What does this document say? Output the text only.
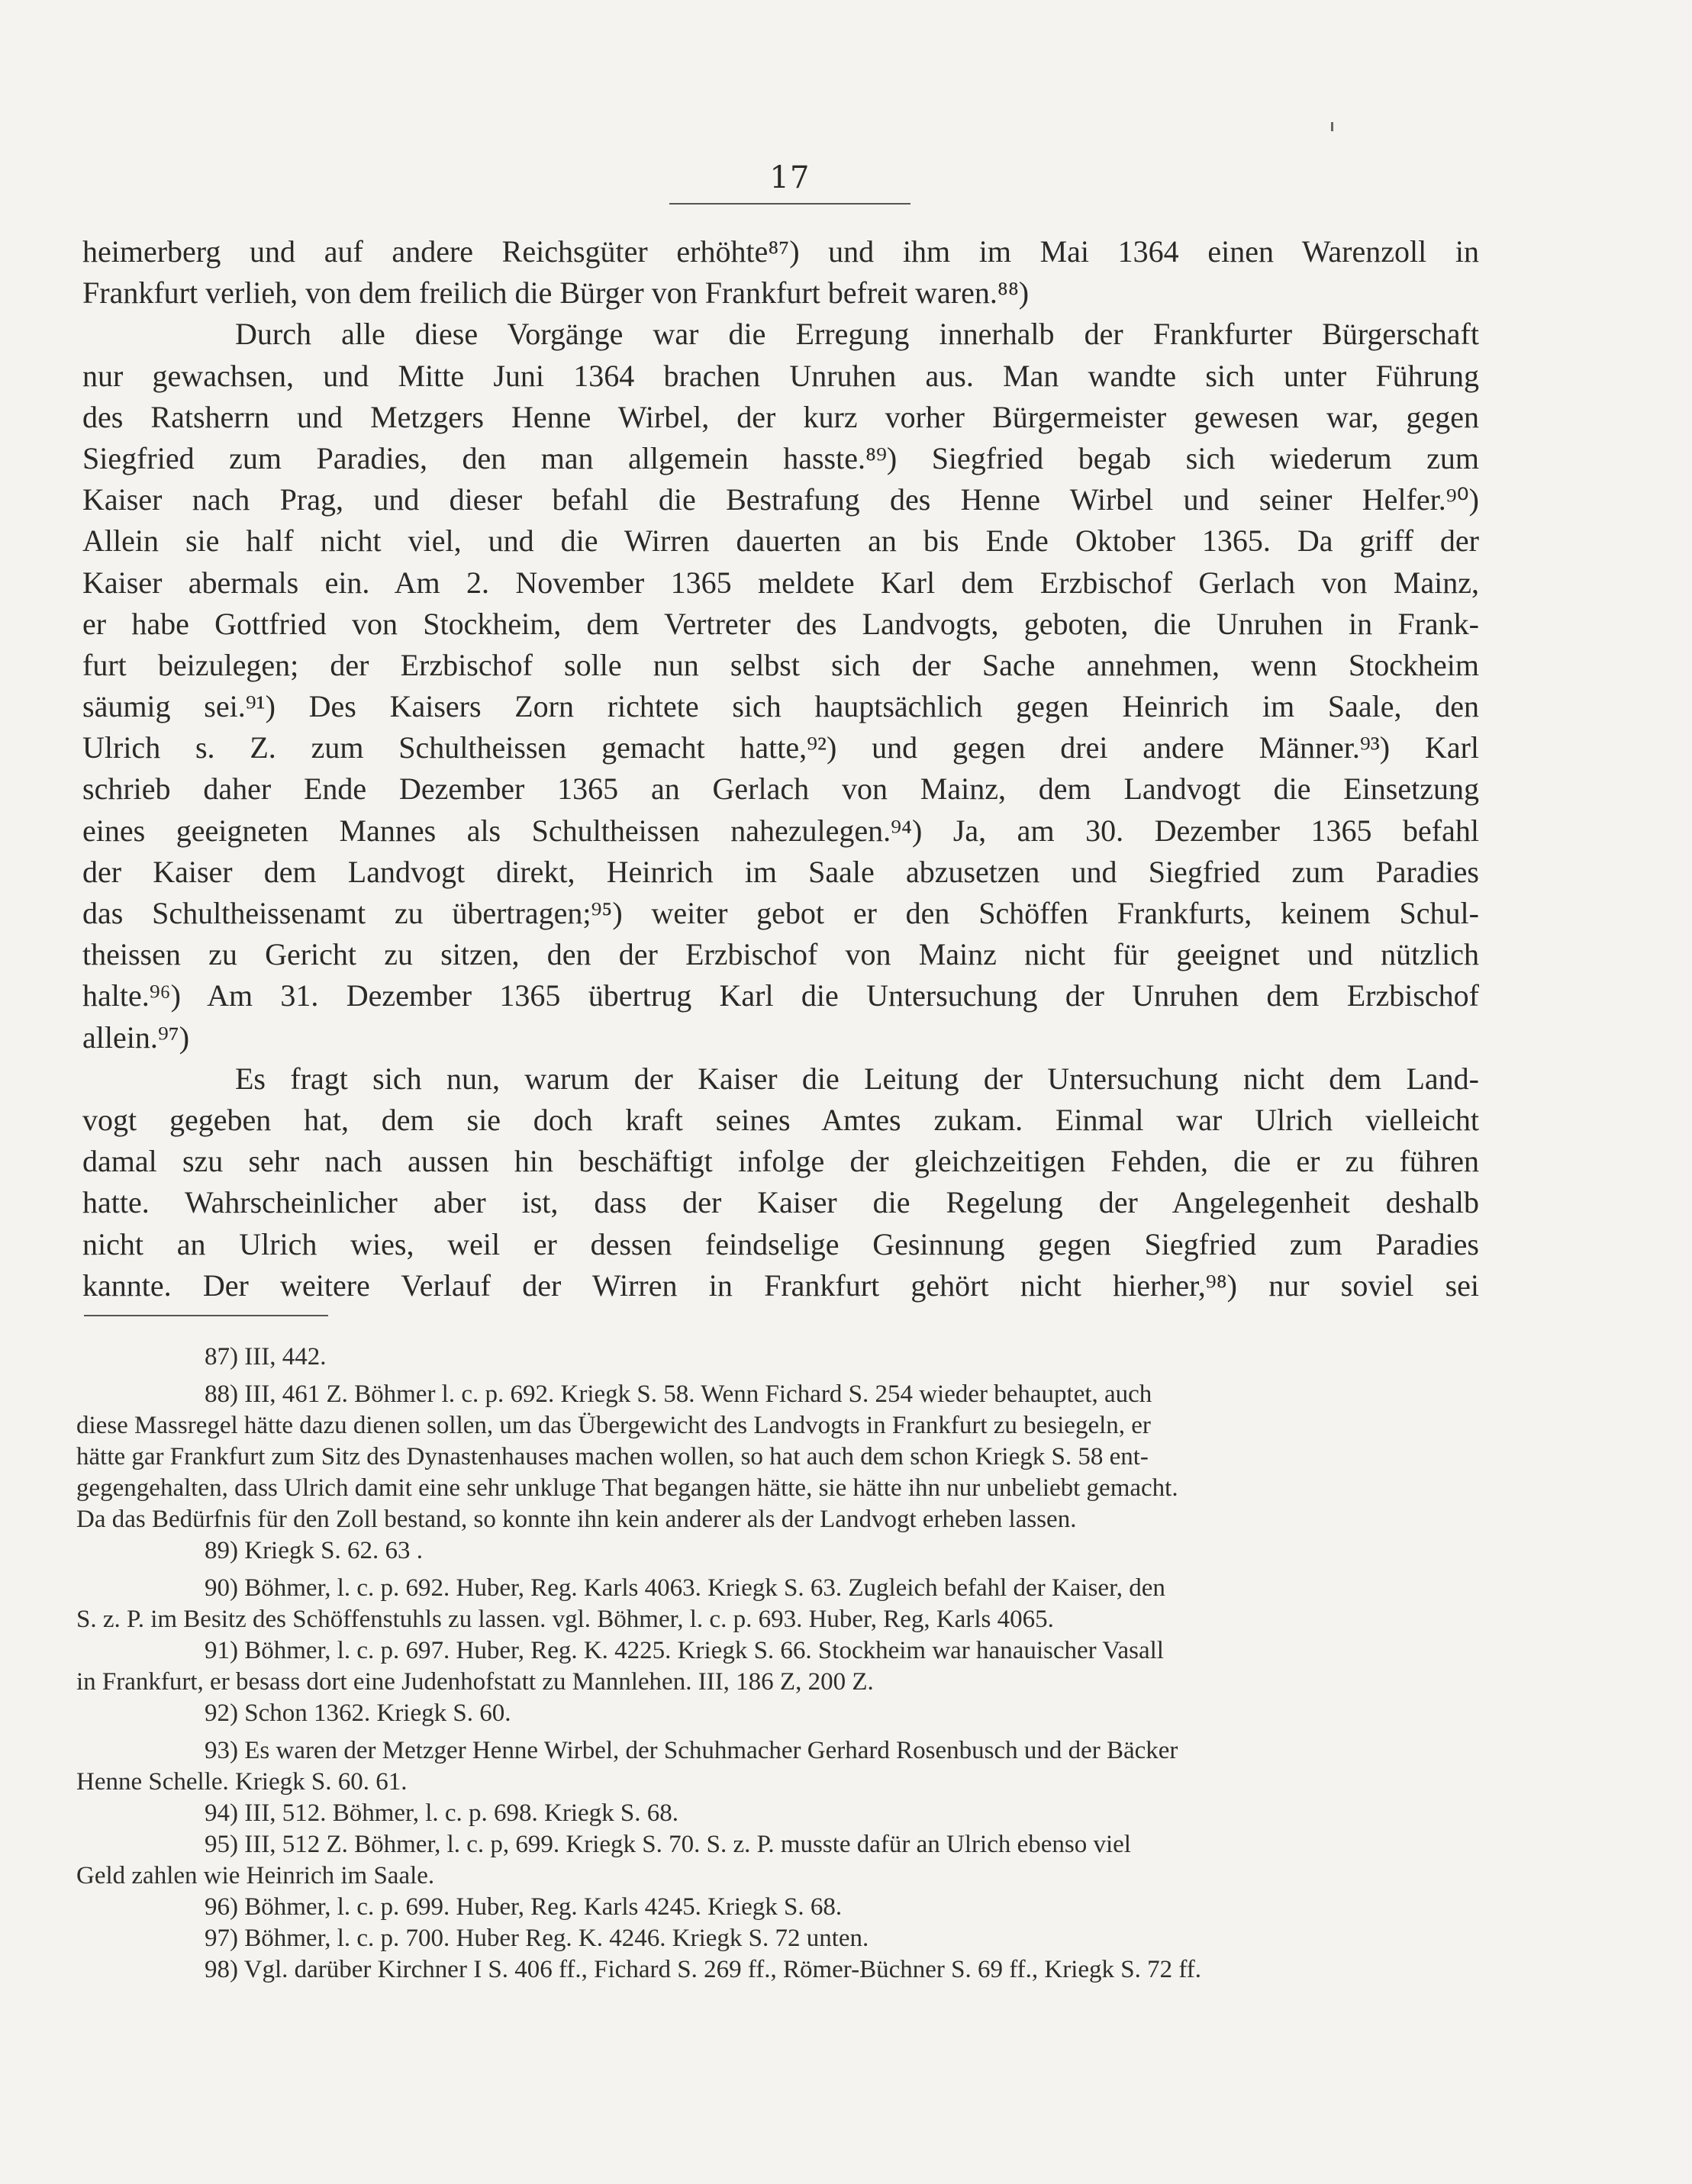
17
heimerberg und auf andere Reichsgüter erhöhte⁸⁷) und ihm im Mai 1364 einen Warenzoll in
Frankfurt verlieh, von dem freilich die Bürger von Frankfurt befreit waren.⁸⁸)
Durch alle diese Vorgänge war die Erregung innerhalb der Frankfurter Bürgerschaft
nur gewachsen, und Mitte Juni 1364 brachen Unruhen aus. Man wandte sich unter Führung
des Ratsherrn und Metzgers Henne Wirbel, der kurz vorher Bürgermeister gewesen war, gegen
Siegfried zum Paradies, den man allgemein hasste.⁸⁹) Siegfried begab sich wiederum zum
Kaiser nach Prag, und dieser befahl die Bestrafung des Henne Wirbel und seiner Helfer.⁹⁰)
Allein sie half nicht viel, und die Wirren dauerten an bis Ende Oktober 1365. Da griff der
Kaiser abermals ein. Am 2. November 1365 meldete Karl dem Erzbischof Gerlach von Mainz,
er habe Gottfried von Stockheim, dem Vertreter des Landvogts, geboten, die Unruhen in Frank-
furt beizulegen; der Erzbischof solle nun selbst sich der Sache annehmen, wenn Stockheim
säumig sei.⁹¹) Des Kaisers Zorn richtete sich hauptsächlich gegen Heinrich im Saale, den
Ulrich s. Z. zum Schultheissen gemacht hatte,⁹²) und gegen drei andere Männer.⁹³) Karl
schrieb daher Ende Dezember 1365 an Gerlach von Mainz, dem Landvogt die Einsetzung
eines geeigneten Mannes als Schultheissen nahezulegen.⁹⁴) Ja, am 30. Dezember 1365 befahl
der Kaiser dem Landvogt direkt, Heinrich im Saale abzusetzen und Siegfried zum Paradies
das Schultheissenamt zu übertragen;⁹⁵) weiter gebot er den Schöffen Frankfurts, keinem Schul-
theissen zu Gericht zu sitzen, den der Erzbischof von Mainz nicht für geeignet und nützlich
halte.⁹⁶) Am 31. Dezember 1365 übertrug Karl die Untersuchung der Unruhen dem Erzbischof
allein.⁹⁷)
Es fragt sich nun, warum der Kaiser die Leitung der Untersuchung nicht dem Land-
vogt gegeben hat, dem sie doch kraft seines Amtes zukam. Einmal war Ulrich vielleicht
damal szu sehr nach aussen hin beschäftigt infolge der gleichzeitigen Fehden, die er zu führen
hatte. Wahrscheinlicher aber ist, dass der Kaiser die Regelung der Angelegenheit deshalb
nicht an Ulrich wies, weil er dessen feindselige Gesinnung gegen Siegfried zum Paradies
kannte. Der weitere Verlauf der Wirren in Frankfurt gehört nicht hierher,⁹⁸) nur soviel sei
87) III, 442.
88) III, 461 Z. Böhmer l. c. p. 692. Kriegk S. 58. Wenn Fichard S. 254 wieder behauptet, auch
diese Massregel hätte dazu dienen sollen, um das Übergewicht des Landvogts in Frankfurt zu besiegeln, er
hätte gar Frankfurt zum Sitz des Dynastenhauses machen wollen, so hat auch dem schon Kriegk S. 58 ent-
gegengehalten, dass Ulrich damit eine sehr unkluge That begangen hätte, sie hätte ihn nur unbeliebt gemacht.
Da das Bedürfnis für den Zoll bestand, so konnte ihn kein anderer als der Landvogt erheben lassen.
89) Kriegk S. 62. 63 .
90) Böhmer, l. c. p. 692. Huber, Reg. Karls 4063. Kriegk S. 63. Zugleich befahl der Kaiser, den
S. z. P. im Besitz des Schöffenstuhls zu lassen. vgl. Böhmer, l. c. p. 693. Huber, Reg, Karls 4065.
91) Böhmer, l. c. p. 697. Huber, Reg. K. 4225. Kriegk S. 66. Stockheim war hanauischer Vasall
in Frankfurt, er besass dort eine Judenhofstatt zu Mannlehen. III, 186 Z, 200 Z.
92) Schon 1362. Kriegk S. 60.
93) Es waren der Metzger Henne Wirbel, der Schuhmacher Gerhard Rosenbusch und der Bäcker
Henne Schelle. Kriegk S. 60. 61.
94) III, 512. Böhmer, l. c. p. 698. Kriegk S. 68.
95) III, 512 Z. Böhmer, l. c. p, 699. Kriegk S. 70. S. z. P. musste dafür an Ulrich ebenso viel
Geld zahlen wie Heinrich im Saale.
96) Böhmer, l. c. p. 699. Huber, Reg. Karls 4245. Kriegk S. 68.
97) Böhmer, l. c. p. 700. Huber Reg. K. 4246. Kriegk S. 72 unten.
98) Vgl. darüber Kirchner I S. 406 ff., Fichard S. 269 ff., Römer-Büchner S. 69 ff., Kriegk S. 72 ff.
